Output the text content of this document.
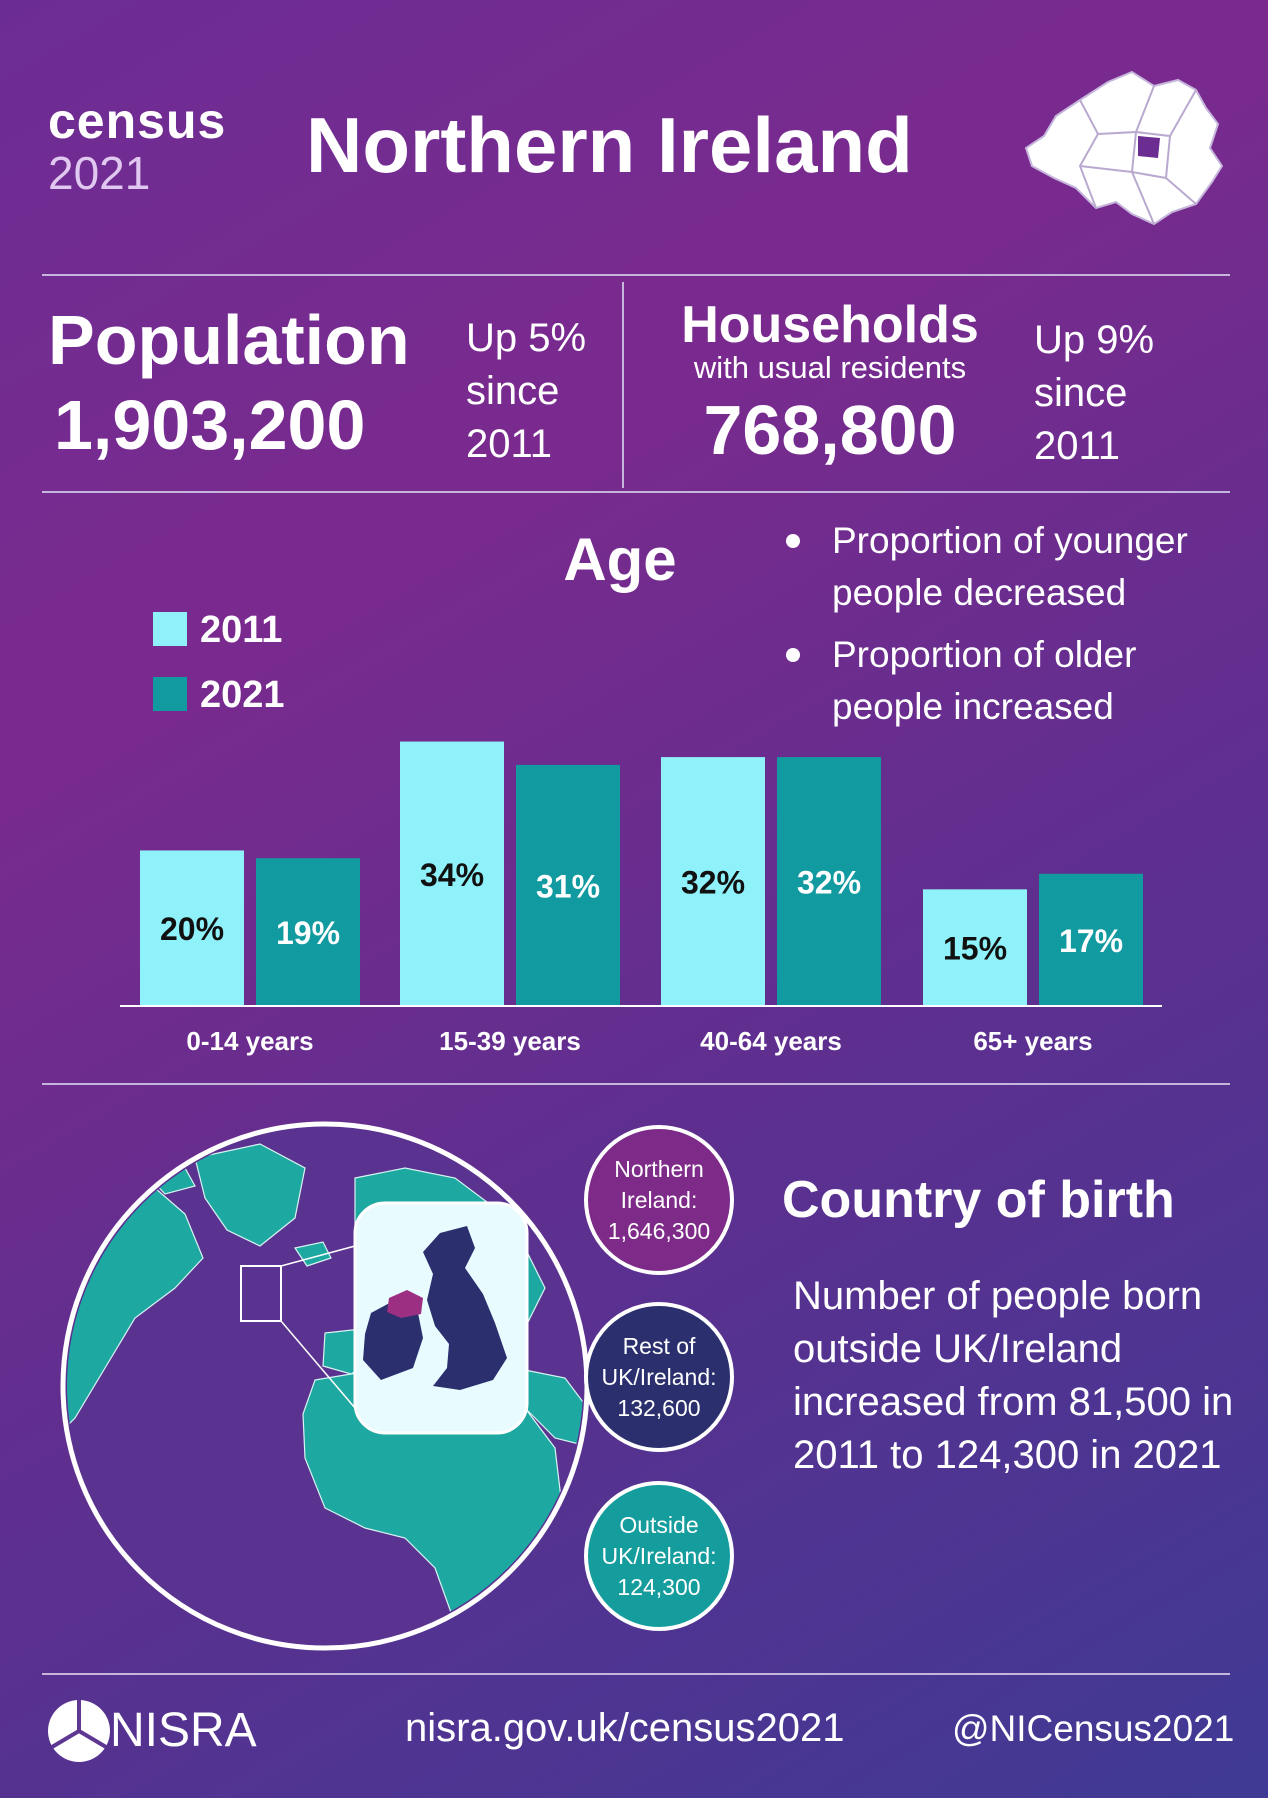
census
2021 Northern Ireland
Population
1,903,200
Up 5%
since
2011
Households
with usual residents
768,800
Up 9%
since
2011
Age	Proportion of younger people decreased
Proportion of older people increased
2011
2021
20% 19%
0-14 years
34% 31%
15-39 years
32% 32%
40-64 years
15% 17%
65+ years
Northern
Ireland:
1,646,300
Rest of
UK/Ireland:
132,600
Outside
UK/Ireland:
124,300
Country of birth
Number of people born outside UK/Ireland increased from 81,500 in 2011 to 124,300 in 2021
NISRA	nisra.gov.uk/census2021	@NICensus2021
